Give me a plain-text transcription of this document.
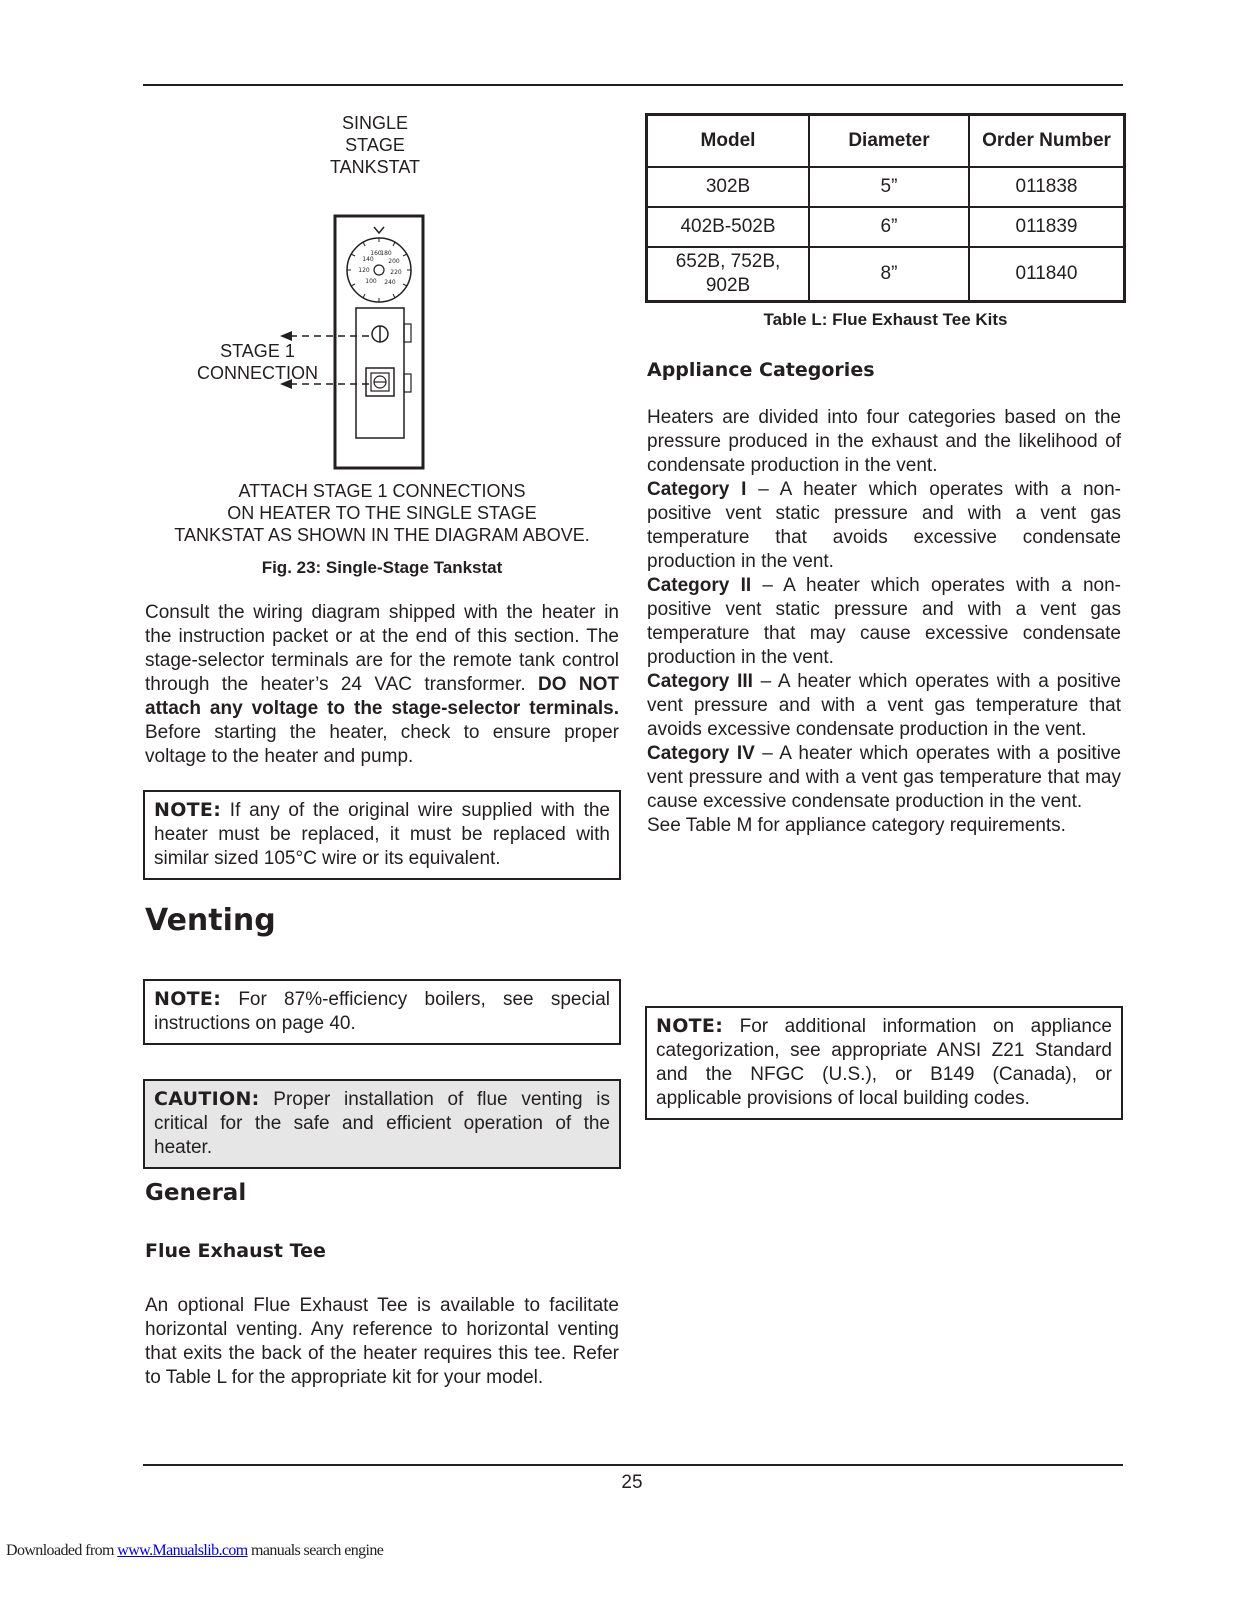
SINGLE
STAGE
TANKSTAT
140
160
180
200
220
240
120
100
STAGE 1
CONNECTION
ATTACH STAGE 1 CONNECTIONS
ON HEATER TO THE SINGLE STAGE
TANKSTAT AS SHOWN IN THE DIAGRAM ABOVE.
Fig. 23: Single-Stage Tankstat

Consult the wiring diagram shipped with the heater in the instruction packet or at the end of this section. The stage-selector terminals are for the remote tank control through the heater’s 24 VAC transformer. DO NOT attach any voltage to the stage-selector terminals. Before starting the heater, check to ensure proper voltage to the heater and pump.

NOTE: If any of the original wire supplied with the heater must be replaced, it must be replaced with similar sized 105°C wire or its equivalent.
Venting
NOTE: For 87%-efficiency boilers, see special instructions on page 40.
CAUTION: Proper installation of flue venting is critical for the safe and efficient operation of the heater.
General
Flue Exhaust Tee

An optional Flue Exhaust Tee is available to facilitate horizontal venting. Any reference to horizontal venting that exits the back of the heater requires this tee. Refer to Table L for the appropriate kit for your model.

Model	Diameter	Order Number
302B	5”	011838
402B-502B	6”	011839
652B, 752B, 902B	8”	011840
Table L: Flue Exhaust Tee Kits
Appliance Categories

Heaters are divided into four categories based on the pressure produced in the exhaust and the likelihood of condensate production in the vent.

Category I – A heater which operates with a non-positive vent static pressure and with a vent gas temperature that avoids excessive condensate production in the vent.

Category II – A heater which operates with a non-positive vent static pressure and with a vent gas temperature that may cause excessive condensate production in the vent.

Category III – A heater which operates with a positive vent pressure and with a vent gas temperature that avoids excessive condensate production in the vent.

Category IV – A heater which operates with a positive vent pressure and with a vent gas temperature that may cause excessive condensate production in the vent.

See Table M for appliance category requirements.

NOTE: For additional information on appliance categorization, see appropriate ANSI Z21 Standard and the NFGC (U.S.), or B149 (Canada), or applicable provisions of local building codes.
25
Downloaded from www.Manualslib.com manuals search engine
